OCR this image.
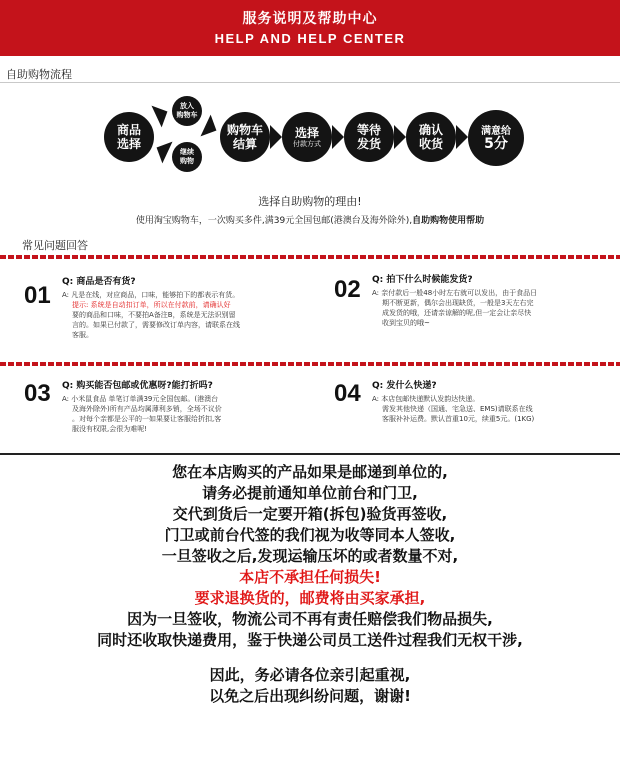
服务说明及帮助中心
HELP AND HELP CENTER
自助购物流程
商品
选择
放入
购物车
继续
购物
购物车
结算
选择
付款方式
等待
发货
确认
收货
满意给
5分
选择自助购物的理由!
使用淘宝购物车，一次购买多件,满39元全国包邮(港澳台及海外除外),自助购物使用帮助
常见问题回答
01 Q: 商品是否有货?
A: 凡是在线，对应商品，口味，能够拍下的都表示有货。
提示: 系统是自动扣订单，所以在付款前，请确认好
要的商品和口味，不要拍A备注B，系统是无法识别留
言的。如果已付款了，需要修改订单内容，请联系在线
客服。
02 Q: 拍下什么时候能发货?
A: 亲付款后一般48小时左右就可以发出，由于食品日
期不断更新，偶尔会出现缺货，一般是3天左右完
成发货的哦，还请亲谅解的呢,但一定会让亲尽快
收到宝贝的哦~
03 Q: 购买能否包邮或优惠呀?能打折吗?
A: 小米鼠食品 单笔订单满39元全国包邮。(港澳台
及海外除外)所有产品均属薄利多销，全场不议价
。对每个亲都是公平的一如果要让客服给折扣,客
服没有权限,会很为难呢!
04 Q: 发什么快递?
A: 本店包邮快递默认发韵达快递。
需发其他快递（国通、宅急送、EMS)请联系在线
客服补补运费。默认首重10元，续重5元。(1KG)

您在本店购买的产品如果是邮递到单位的,

请务必提前通知单位前台和门卫,

交代到货后一定要开箱(拆包)验货再签收,

门卫或前台代签的我们视为收等同本人签收,

一旦签收之后,发现运输压坏的或者数量不对,

本店不承担任何损失!

要求退换货的，邮费将由买家承担,

因为一旦签收，物流公司不再有责任赔偿我们物品损失,

同时还收取快递费用，鉴于快递公司员工送件过程我们无权干涉,

因此，务必请各位亲引起重视,

以免之后出现纠纷问题，谢谢!
